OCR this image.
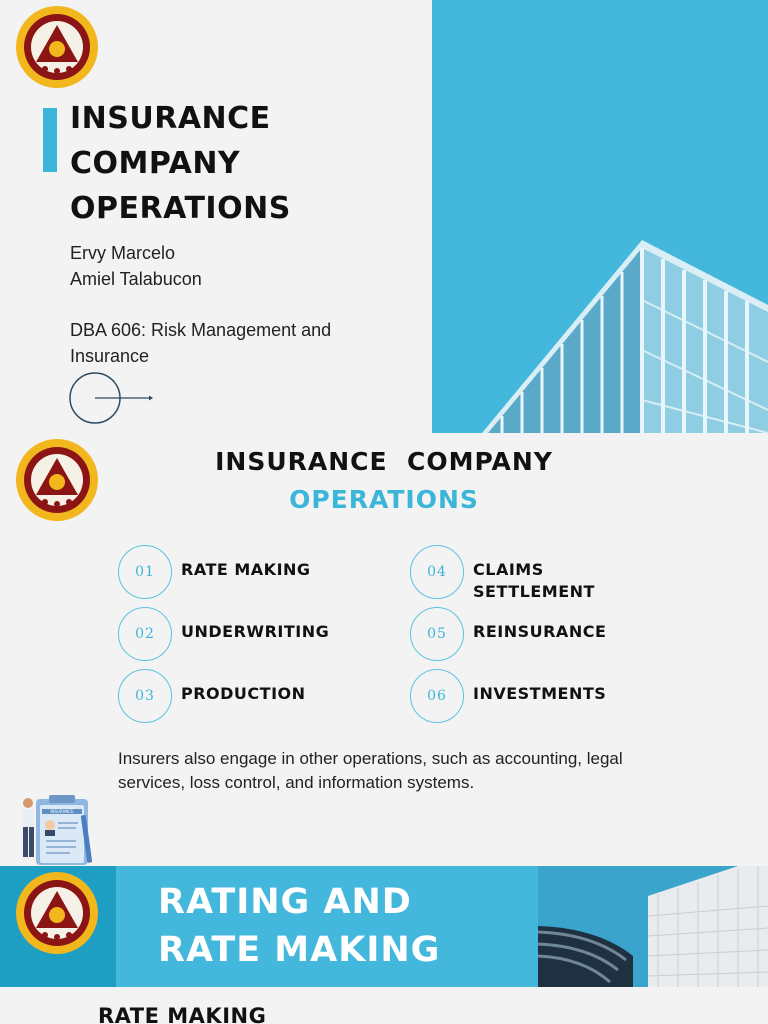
INSURANCE
COMPANY
OPERATIONS
Ervy Marcelo
Amiel Talabucon
DBA 606: Risk Management and Insurance
INSURANCE  COMPANY
OPERATIONS
01	RATE MAKING
02	UNDERWRITING
03	PRODUCTION
04	CLAIMS SETTLEMENT
05	REINSURANCE
06	INVESTMENTS

Insurers also engage in other operations, such as accounting, legal services, loss control, and information systems.

INSURANCE
RATING AND
RATE MAKING
RATE MAKING
